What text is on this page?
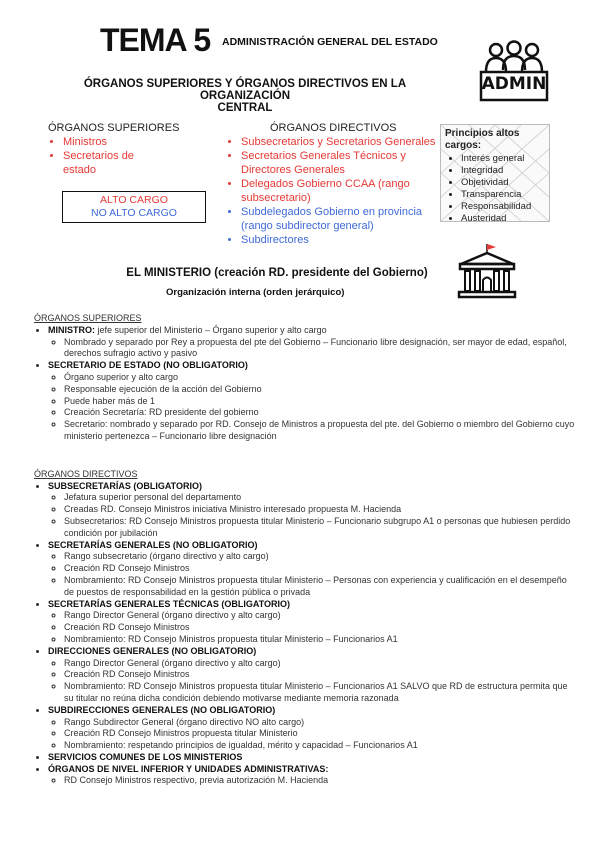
TEMA 5 ADMINISTRACIÓN GENERAL DEL ESTADO
ADMIN
ÓRGANOS SUPERIORES Y ÓRGANOS DIRECTIVOS EN LA ORGANIZACIÓN
CENTRAL
ÓRGANOS SUPERIORES
• Ministros
• Secretarios de estado
ALTO CARGO
NO ALTO CARGO
ÓRGANOS DIRECTIVOS
• Subsecretarios y Secretarios Generales
• Secretarios Generales Técnicos y Directores Generales
• Delegados Gobierno CCAA (rango subsecretario)
• Subdelegados Gobierno en provincia (rango subdirector general)
• Subdirectores
Principios altos cargos:
• Interés general
• Integridad
• Objetividad
• Transparencia
• Responsabilidad
• Austeridad
EL MINISTERIO (creación RD. presidente del Gobierno)
Organización interna (orden jerárquico)
ÓRGANOS SUPERIORES
• MINISTRO: jefe superior del Ministerio – Órgano superior y alto cargo
◦ Nombrado y separado por Rey a propuesta del pte del Gobierno – Funcionario libre designación, ser mayor de edad, español, derechos sufragio activo y pasivo
• SECRETARIO DE ESTADO (NO OBLIGATORIO)
◦ Órgano superior y alto cargo
◦ Responsable ejecución de la acción del Gobierno
◦ Puede haber más de 1
◦ Creación Secretaría: RD presidente del gobierno
◦ Secretario: nombrado y separado por RD. Consejo de Ministros a propuesta del pte. del Gobierno o miembro del Gobierno cuyo ministerio pertenezca – Funcionario libre designación
ÓRGANOS DIRECTIVOS
• SUBSECRETARÍAS (OBLIGATORIO)
◦ Jefatura superior personal del departamento
◦ Creadas RD. Consejo Ministros iniciativa Ministro interesado propuesta M. Hacienda
◦ Subsecretarios: RD Consejo Ministros propuesta titular Ministerio – Funcionario subgrupo A1 o personas que hubiesen perdido condición por jubilación
• SECRETARÍAS GENERALES (NO OBLIGATORIO)
◦ Rango subsecretario (órgano directivo y alto cargo)
◦ Creación RD Consejo Ministros
◦ Nombramiento: RD Consejo Ministros propuesta titular Ministerio – Personas con experiencia y cualificación en el desempeño de puestos de responsabilidad en la gestión pública o privada
• SECRETARÍAS GENERALES TÉCNICAS (OBLIGATORIO)
◦ Rango Director General (órgano directivo y alto cargo)
◦ Creación RD Consejo Ministros
◦ Nombramiento: RD Consejo Ministros propuesta titular Ministerio – Funcionarios A1
• DIRECCIONES GENERALES (NO OBLIGATORIO)
◦ Rango Director General (órgano directivo y alto cargo)
◦ Creación RD Consejo Ministros
◦ Nombramiento: RD Consejo Ministros propuesta titular Ministerio – Funcionarios A1 SALVO que RD de estructura permita que su titular no reúna dicha condición debiendo motivarse mediante memoria razonada
• SUBDIRECCIONES GENERALES (NO OBLIGATORIO)
◦ Rango Subdirector General (órgano directivo NO alto cargo)
◦ Creación RD Consejo Ministros propuesta titular Ministerio
◦ Nombramiento: respetando principios de igualdad, mérito y capacidad – Funcionarios A1
• SERVICIOS COMUNES DE LOS MINISTERIOS
• ÓRGANOS DE NIVEL INFERIOR Y UNIDADES ADMINISTRATIVAS:
◦ RD Consejo Ministros respectivo, previa autorización M. Hacienda
